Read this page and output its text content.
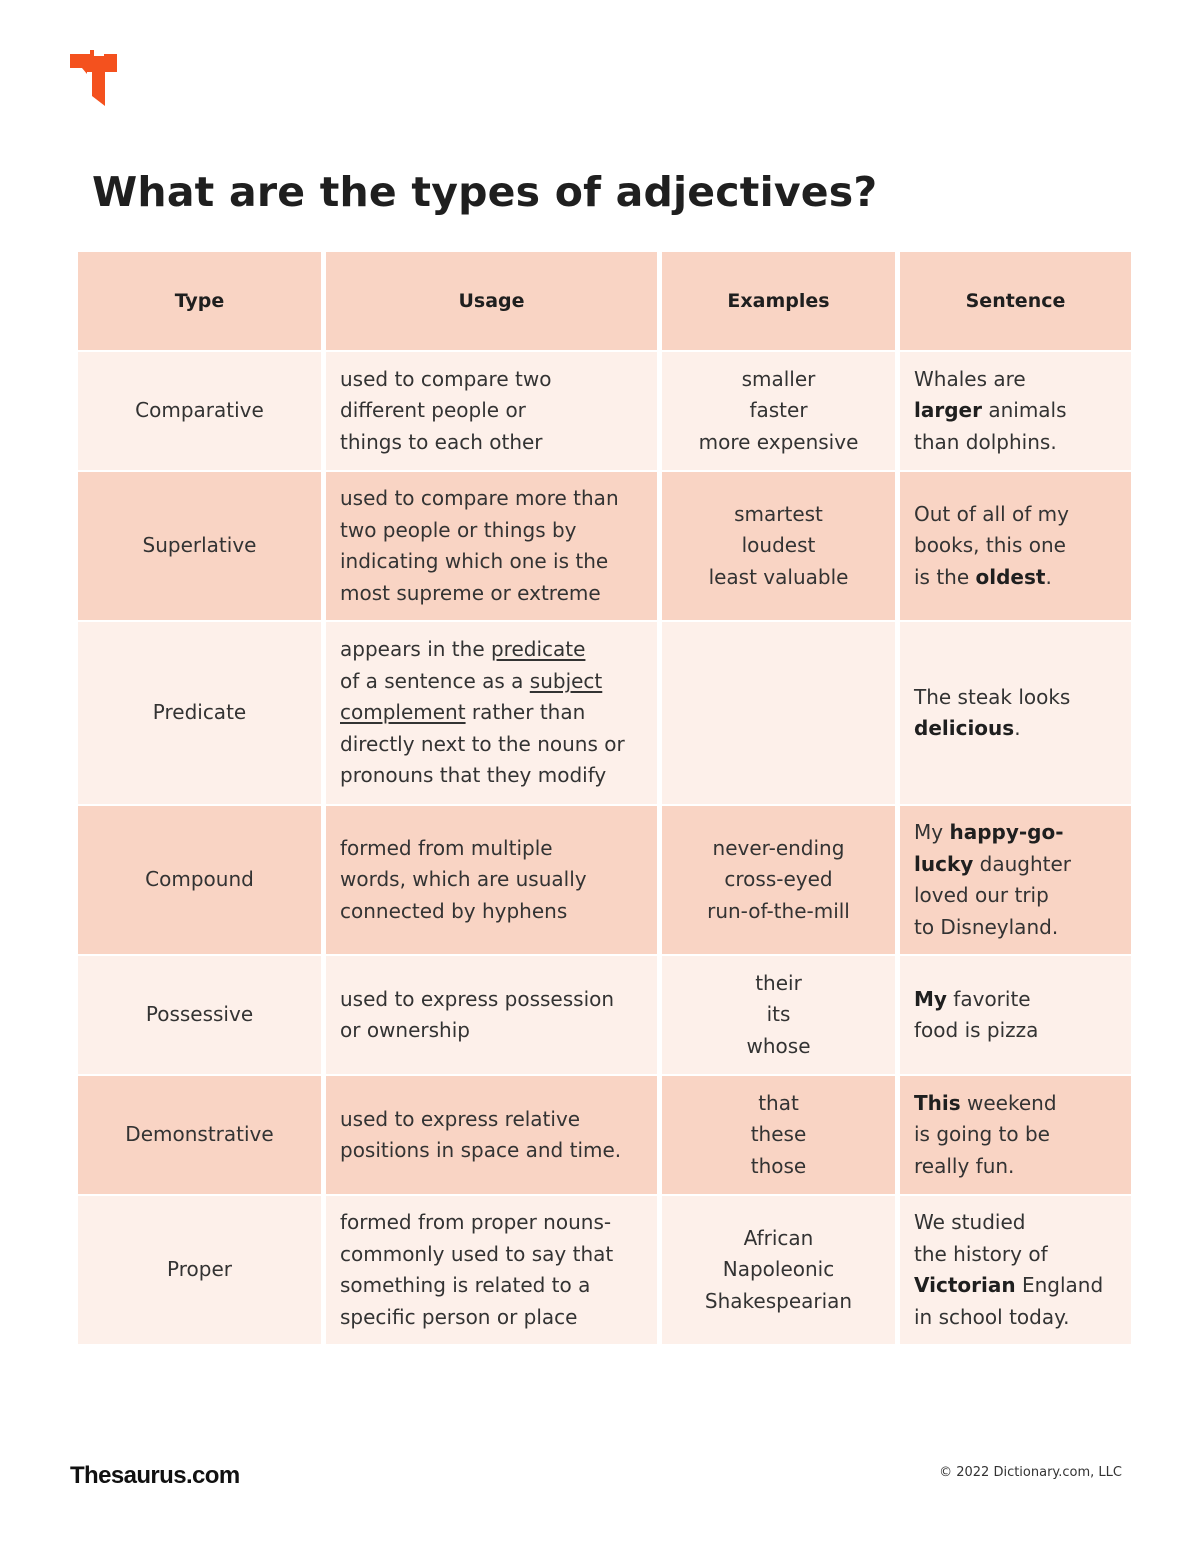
What are the types of adjectives?
Type	Usage	Examples	Sentence
Comparative	used to compare two
different people or
things to each other	smaller
faster
more expensive	Whales are
larger animals
than dolphins.

Superlative	used to compare more than
two people or things by
indicating which one is the
most supreme or extreme	smartest
loudest
least valuable	Out of all of my
books, this one
is the oldest.

Predicate	appears in the predicate
of a sentence as a subject
complement rather than
directly next to the nouns or
pronouns that they modify		The steak looks
delicious.

Compound	formed from multiple
words, which are usually
connected by hyphens	never-ending
cross-eyed
run-of-the-mill	My happy-go-
lucky daughter
loved our trip
to Disneyland.

Possessive	used to express possession
or ownership	their
its
whose	My favorite
food is pizza

Demonstrative	used to express relative
positions in space and time.	that
these
those	This weekend
is going to be
really fun.

Proper	formed from proper nouns-
commonly used to say that
something is related to a
specific person or place	African
Napoleonic
Shakespearian	We studied
the history of
Victorian England
in school today.
Thesaurus.com	© 2022 Dictionary.com, LLC
